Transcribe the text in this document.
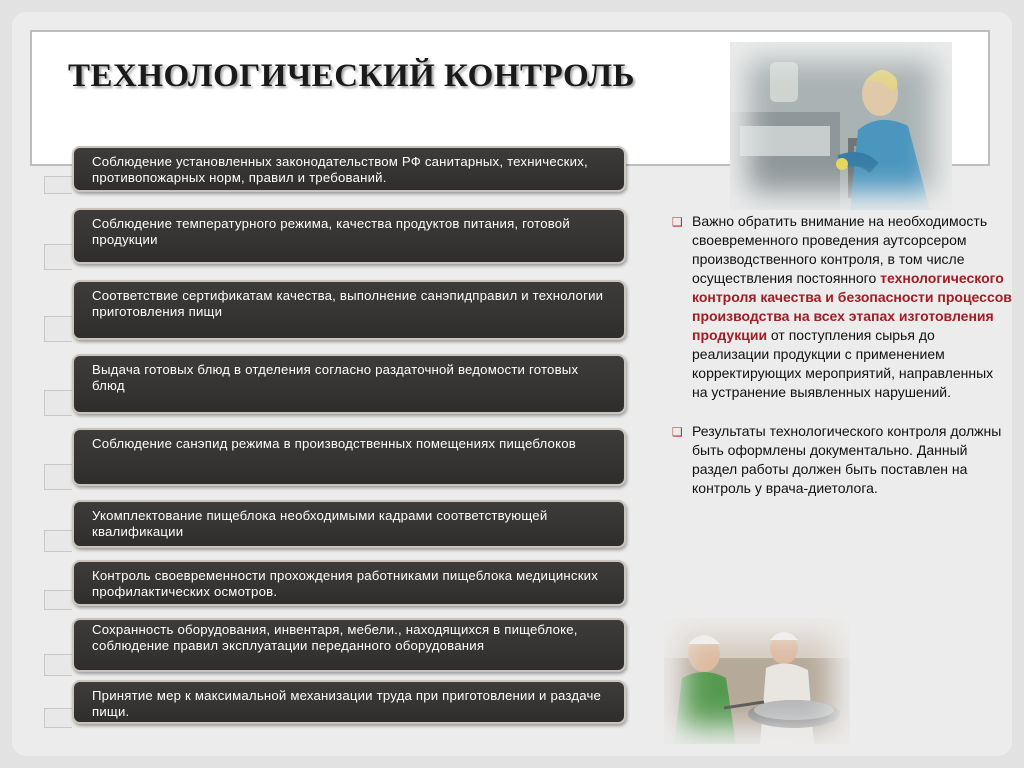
ТЕХНОЛОГИЧЕСКИЙ КОНТРОЛЬ
Соблюдение установленных законодательством РФ санитарных, технических, противопожарных норм, правил и требований.
Соблюдение температурного режима, качества продуктов питания, готовой продукции
Соответствие сертификатам качества, выполнение санэпидправил и технологии приготовления пищи
Выдача готовых блюд в отделения согласно раздаточной ведомости готовых блюд
Соблюдение санэпид режима в производственных помещениях пищеблоков
Укомплектование пищеблока необходимыми кадрами соответствующей квалификации
Контроль своевременности прохождения работниками пищеблока медицинских профилактических осмотров.
Сохранность оборудования, инвентаря, мебели., находящихся в пищеблоке, соблюдение правил эксплуатации переданного оборудования
Принятие мер к максимальной механизации труда при приготовлении и раздаче пищи.

❑ Важно обратить внимание на необходимость своевременного проведения аутсорсером производственного контроля, в том числе осуществления постоянного технологического контроля качества и безопасности процессов производства на всех этапах изготовления продукции от поступления сырья до реализации продукции с применением корректирующих мероприятий, направленных на устранение выявленных нарушений.

❑ Результаты технологического контроля должны быть оформлены документально. Данный раздел работы должен быть поставлен на контроль у врача-диетолога.
